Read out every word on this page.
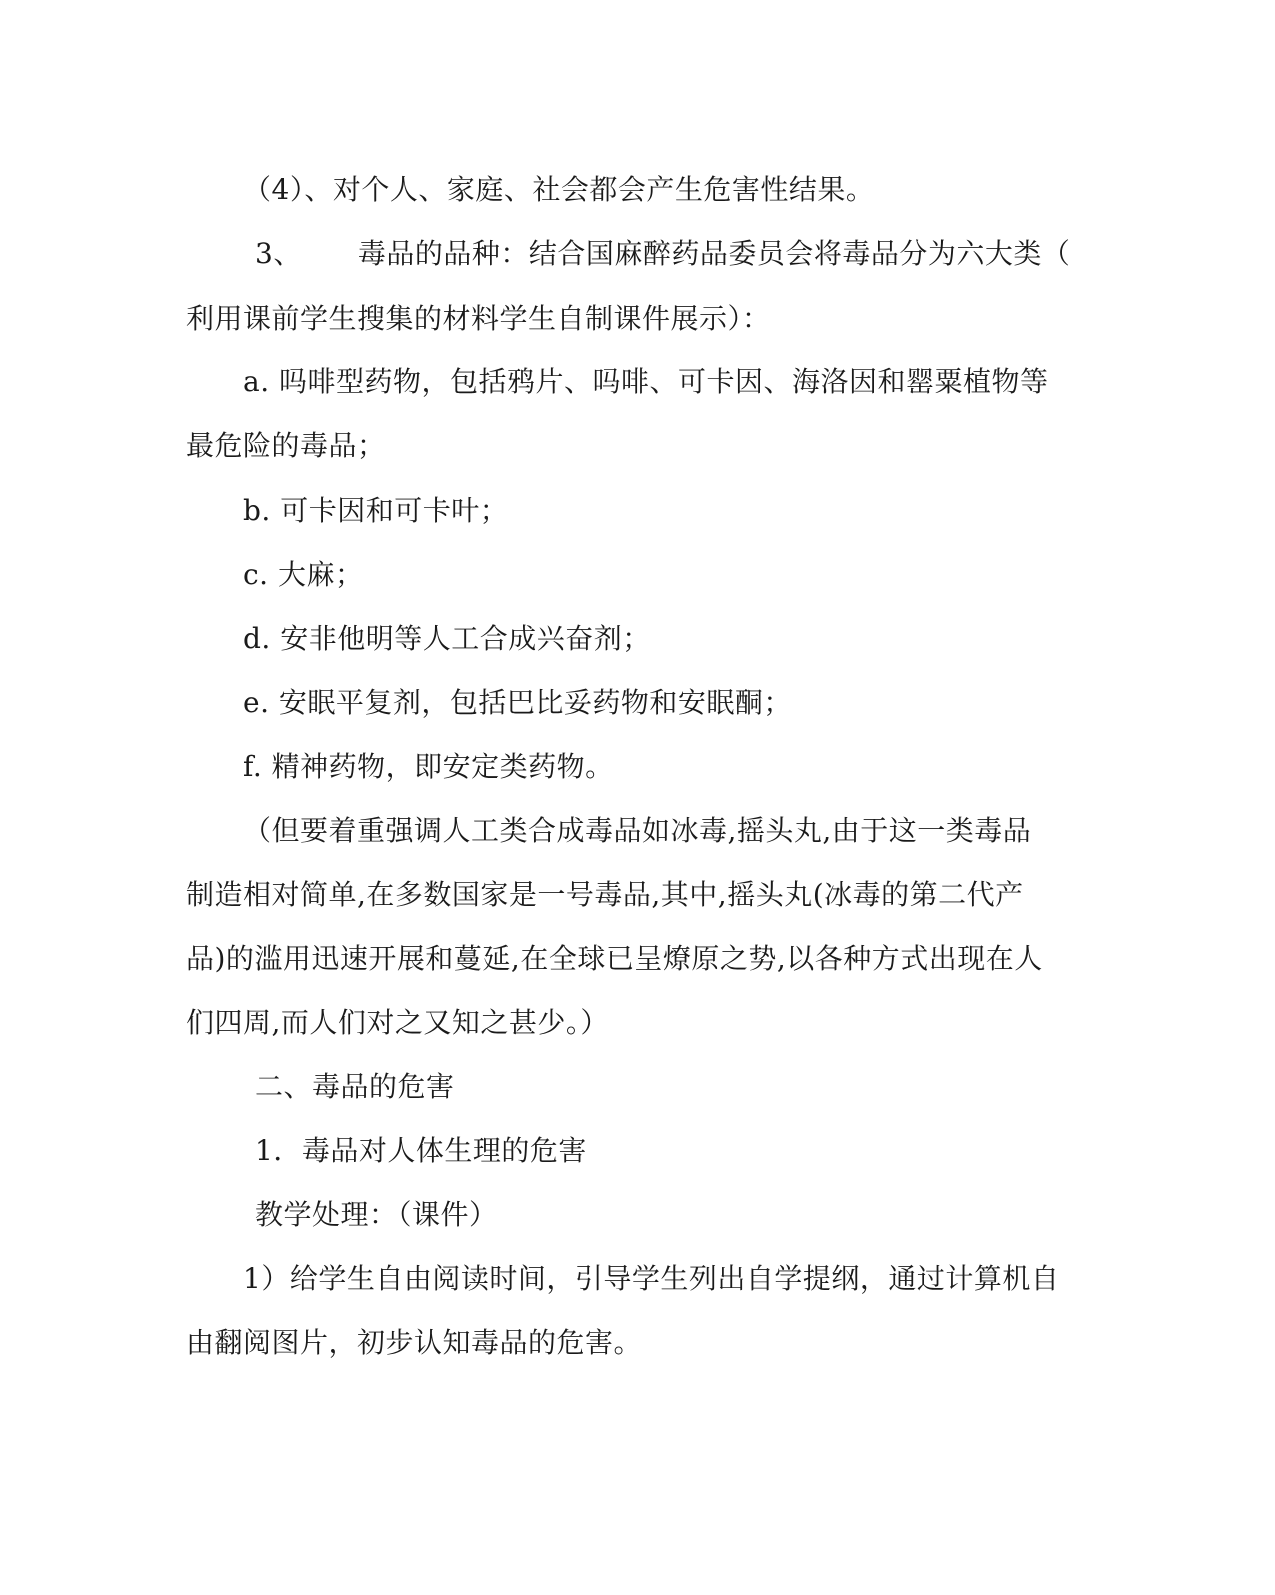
（4）、对个人、家庭、社会都会产生危害性结果。
3、 毒品的品种：结合国麻醉药品委员会将毒品分为六大类（
利用课前学生搜集的材料学生自制课件展示）：
a. 吗啡型药物，包括鸦片、吗啡、可卡因、海洛因和罂粟植物等
最危险的毒品；
b. 可卡因和可卡叶；
c. 大麻；
d. 安非他明等人工合成兴奋剂；
e. 安眠平复剂，包括巴比妥药物和安眠酮；
f. 精神药物，即安定类药物。
（但要着重强调人工类合成毒品如冰毒,摇头丸,由于这一类毒品
制造相对简单,在多数国家是一号毒品,其中,摇头丸(冰毒的第二代产
品)的滥用迅速开展和蔓延,在全球已呈燎原之势,以各种方式出现在人
们四周,而人们对之又知之甚少。）
二、毒品的危害
1．毒品对人体生理的危害
教学处理：（课件）
1）给学生自由阅读时间，引导学生列出自学提纲，通过计算机自
由翻阅图片，初步认知毒品的危害。
